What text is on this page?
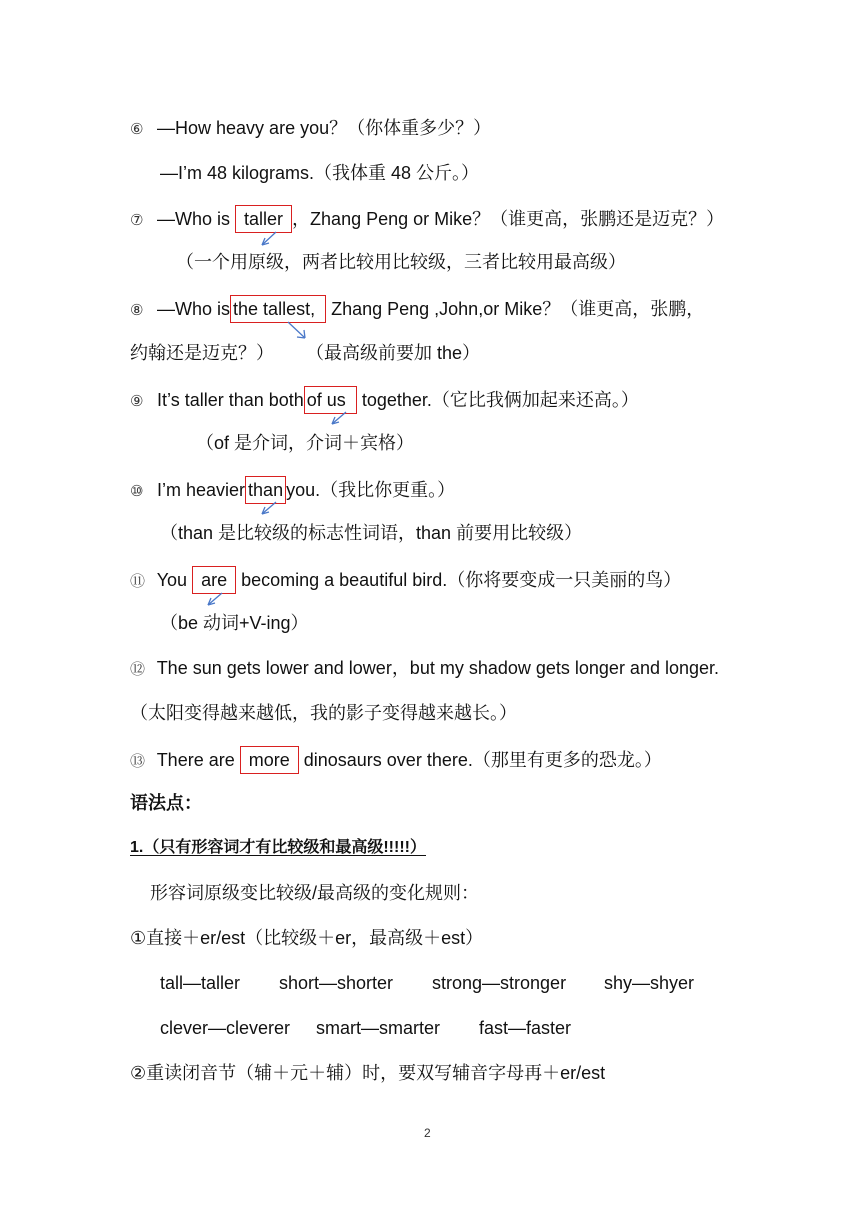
⑥ —How heavy are you？（你体重多少？）
—I’m 48 kilograms.（我体重 48 公斤。）
⑦ —Who is taller ，Zhang Peng or Mike？（谁更高，张鹏还是迈克？）
（一个用原级，两者比较用比较级，三者比较用最高级）
⑧ —Who is the tallest, Zhang Peng ,John,or Mike？（谁更高，张鹏，
约翰还是迈克？） （最高级前要加 the）
⑨ It’s taller than both of us together.（它比我俩加起来还高。）
（of 是介词，介词＋宾格）
⑩ I’m heavier than you.（我比你更重。）
（than 是比较级的标志性词语，than 前要用比较级）
⑪ You are becoming a beautiful bird.（你将要变成一只美丽的鸟）
（be 动词+V-ing）
⑫ The sun gets lower and lower，but my shadow gets longer and longer.
（太阳变得越来越低，我的影子变得越来越长。）
⑬ There are more dinosaurs over there.（那里有更多的恐龙。）
语法点：
1.（只有形容词才有比较级和最高级!!!!!）
形容词原级变比较级/最高级的变化规则：
①直接＋er/est（比较级＋er，最高级＋est）
tall—taller short—shorter strong—stronger shy—shyer
clever—cleverer smart—smarter fast—faster
②重读闭音节（辅＋元＋辅）时，要双写辅音字母再＋er/est
2
